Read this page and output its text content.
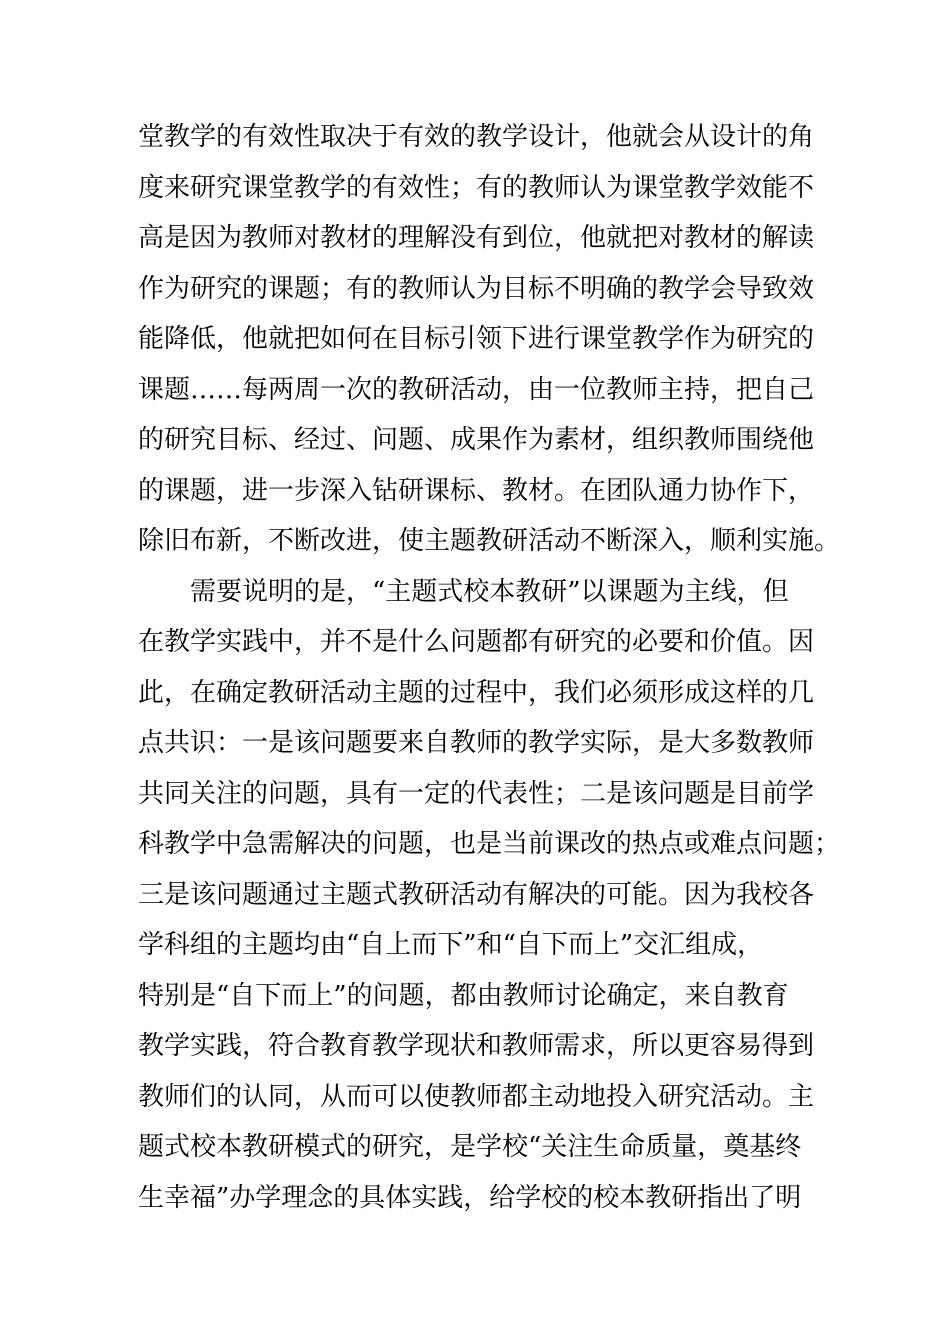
堂教学的有效性取决于有效的教学设计，他就会从设计的角
度来研究课堂教学的有效性；有的教师认为课堂教学效能不
高是因为教师对教材的理解没有到位，他就把对教材的解读
作为研究的课题；有的教师认为目标不明确的教学会导致效
能降低，他就把如何在目标引领下进行课堂教学作为研究的
课题……每两周一次的教研活动，由一位教师主持，把自己
的研究目标、经过、问题、成果作为素材，组织教师围绕他
的课题，进一步深入钻研课标、教材。在团队通力协作下，
除旧布新，不断改进，使主题教研活动不断深入，顺利实施。
需要说明的是，“主题式校本教研”以课题为主线，但
在教学实践中，并不是什么问题都有研究的必要和价值。因
此，在确定教研活动主题的过程中，我们必须形成这样的几
点共识：一是该问题要来自教师的教学实际，是大多数教师
共同关注的问题，具有一定的代表性；二是该问题是目前学
科教学中急需解决的问题，也是当前课改的热点或难点问题；
三是该问题通过主题式教研活动有解决的可能。因为我校各
学科组的主题均由“自上而下”和“自下而上”交汇组成，
特别是“自下而上”的问题，都由教师讨论确定，来自教育
教学实践，符合教育教学现状和教师需求，所以更容易得到
教师们的认同，从而可以使教师都主动地投入研究活动。主
题式校本教研模式的研究，是学校“关注生命质量，奠基终
生幸福”办学理念的具体实践，给学校的校本教研指出了明
